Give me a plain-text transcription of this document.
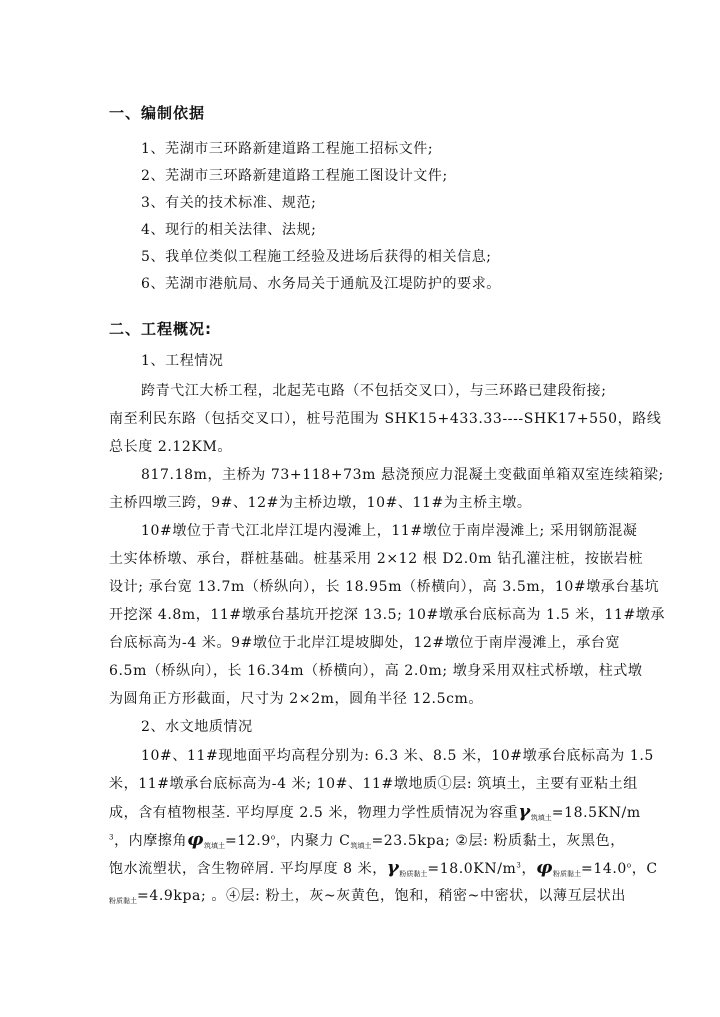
一、编制依据
1、芜湖市三环路新建道路工程施工招标文件;
2、芜湖市三环路新建道路工程施工图设计文件;
3、有关的技术标准、规范;
4、现行的相关法律、法规;
5、我单位类似工程施工经验及进场后获得的相关信息;
6、芜湖市港航局、水务局关于通航及江堤防护的要求。
二、工程概况:
1、工程情况
跨青弋江大桥工程，北起芜屯路（不包括交叉口），与三环路已建段衔接;
南至利民东路（包括交叉口），桩号范围为 SHK15+433.33----SHK17+550，路线
总长度 2.12KM。
817.18m，主桥为 73+118+73m 悬浇预应力混凝土变截面单箱双室连续箱梁;
主桥四墩三跨，9#、12#为主桥边墩，10#、11#为主桥主墩。
10#墩位于青弋江北岸江堤内漫滩上，11#墩位于南岸漫滩上; 采用钢筋混凝
土实体桥墩、承台，群桩基础。桩基采用 2×12 根 D2.0m 钻孔灌注桩，按嵌岩桩
设计; 承台宽 13.7m（桥纵向），长 18.95m（桥横向），高 3.5m，10#墩承台基坑
开挖深 4.8m，11#墩承台基坑开挖深 13.5; 10#墩承台底标高为 1.5 米，11#墩承
台底标高为-4 米。9#墩位于北岸江堤坡脚处，12#墩位于南岸漫滩上，承台宽
6.5m（桥纵向），长 16.34m（桥横向），高 2.0m; 墩身采用双柱式桥墩，柱式墩
为圆角正方形截面，尺寸为 2×2m，圆角半径 12.5cm。
2、水文地质情况
10#、11#现地面平均高程分别为: 6.3 米、8.5 米，10#墩承台底标高为 1.5
米，11#墩承台底标高为-4 米; 10#、11#墩地质①层: 筑填土，主要有亚粘土组
成，含有植物根茎. 平均厚度 2.5 米，物理力学性质情况为容重$\gamma_{筑填土}=18.5KN/m$
$^3$，内摩擦角$\varphi_{筑填土}=12.9^o$，内聚力 $C_{筑填土}=23.5kpa$; ②层: 粉质黏土，灰黑色，
饱水流塑状，含生物碎屑. 平均厚度 8 米，$\gamma_{粉质黏土}=18.0KN/m^3$，$\varphi_{粉质黏土}=14.0^o$，C
$_{粉质黏土}$=4.9kpa; 。④层: 粉土，灰~灰黄色，饱和，稍密~中密状，以薄互层状出
